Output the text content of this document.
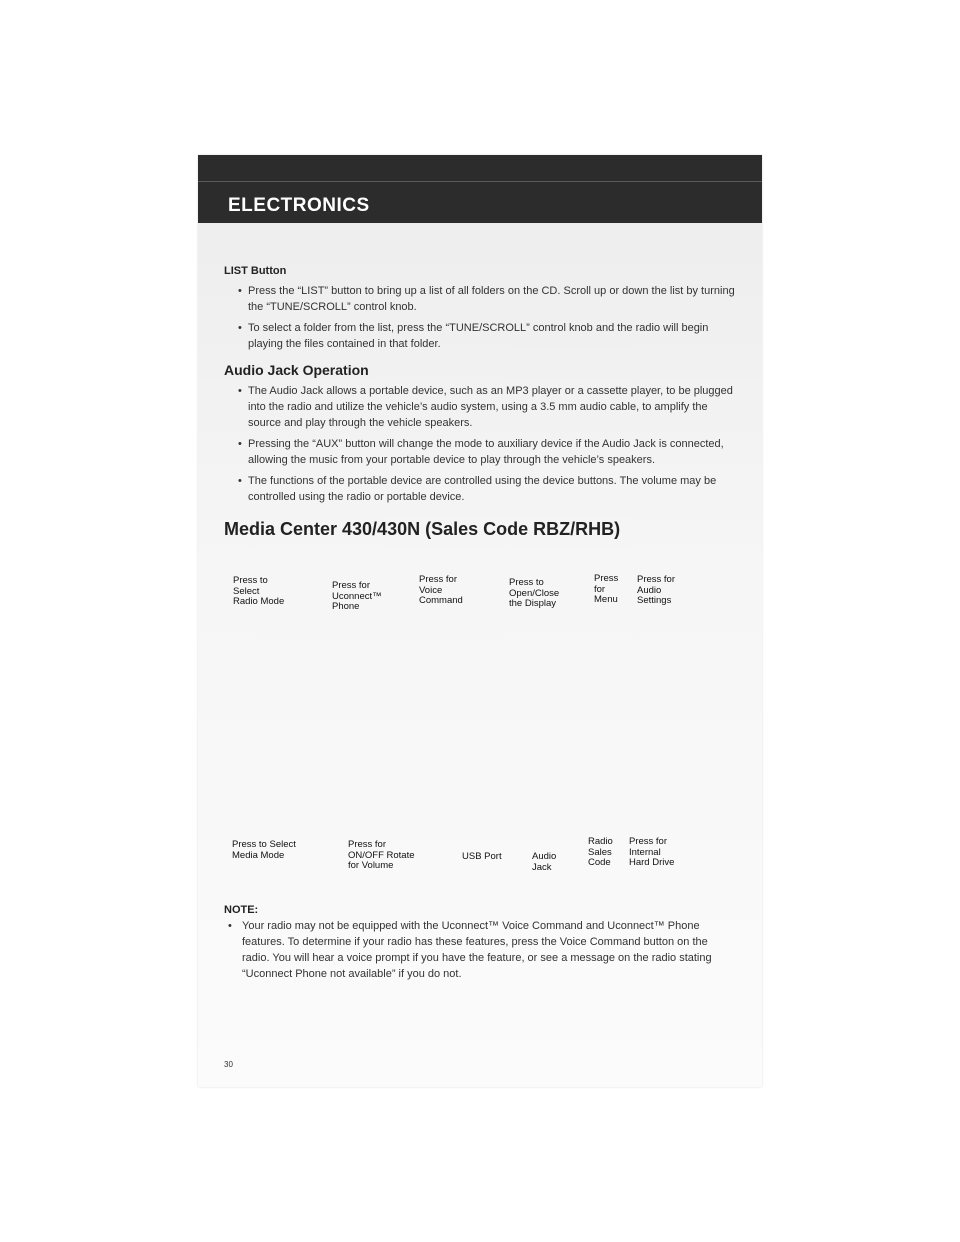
ELECTRONICS
LIST Button
• Press the “LIST” button to bring up a list of all folders on the CD. Scroll up or down the list by turning the “TUNE/SCROLL” control knob.
• To select a folder from the list, press the “TUNE/SCROLL” control knob and the radio will begin playing the files contained in that folder.
Audio Jack Operation
• The Audio Jack allows a portable device, such as an MP3 player or a cassette player, to be plugged into the radio and utilize the vehicle’s audio system, using a 3.5 mm audio cable, to amplify the source and play through the vehicle speakers.
• Pressing the “AUX” button will change the mode to auxiliary device if the Audio Jack is connected, allowing the music from your portable device to play through the vehicle’s speakers.
• The functions of the portable device are controlled using the device buttons. The volume may be controlled using the radio or portable device.
Media Center 430/430N (Sales Code RBZ/RHB)
Press to
Select
Radio Mode
Press for
Uconnect™
Phone
Press for
Voice
Command
Press to
Open/Close
the Display
Press
for
Menu
Press for
Audio
Settings
Press to Select
Media Mode
Press for
ON/OFF Rotate
for Volume
USB Port	Audio
Jack
Radio
Sales
Code
Press for
Internal
Hard Drive
NOTE:
• Your radio may not be equipped with the Uconnect™ Voice Command and Uconnect™ Phone features. To determine if your radio has these features, press the Voice Command button on the radio. You will hear a voice prompt if you have the feature, or see a message on the radio stating “Uconnect Phone not available” if you do not.
30
